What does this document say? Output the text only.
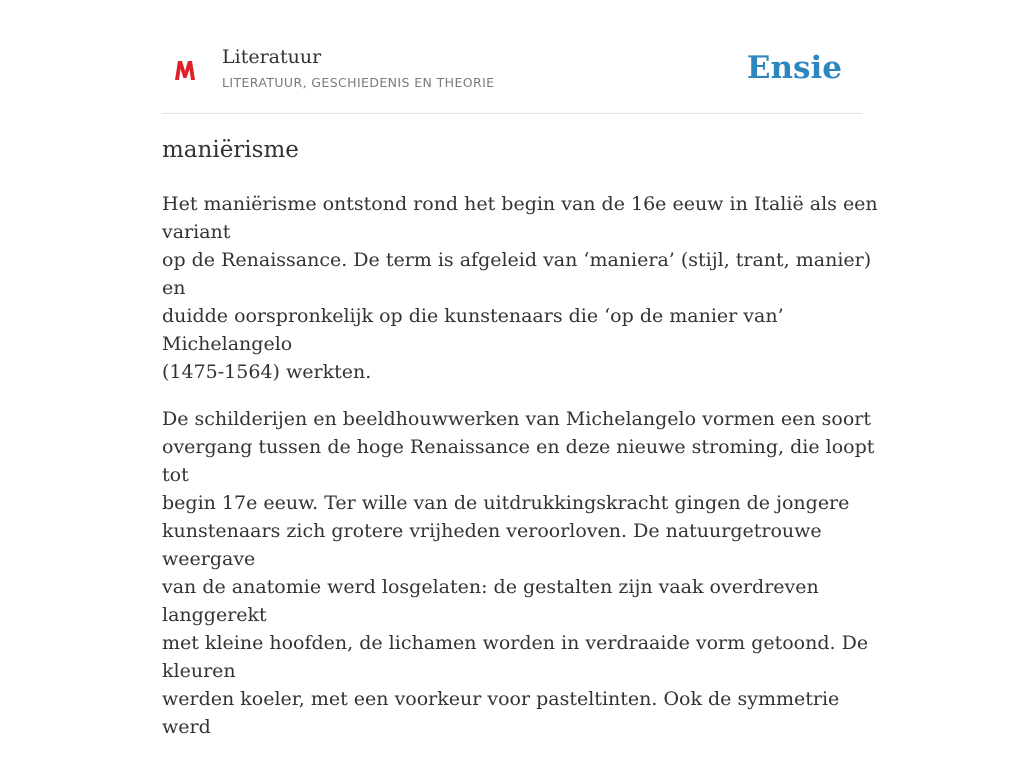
Literatuur
LITERATUUR, GESCHIEDENIS EN THEORIE	Ensie
maniërisme

Het maniërisme ontstond rond het begin van de 16e eeuw in Italië als een variant
op de Renaissance. De term is afgeleid van ‘maniera’ (stijl, trant, manier) en
duidde oorspronkelijk op die kunstenaars die ‘op de manier van’ Michelangelo
(1475-1564) werkten.

De schilderijen en beeldhouwwerken van Michelangelo vormen een soort
overgang tussen de hoge Renaissance en deze nieuwe stroming, die loopt tot
begin 17e eeuw. Ter wille van de uitdrukkingskracht gingen de jongere
kunstenaars zich grotere vrijheden veroorloven. De natuurgetrouwe weergave
van de anatomie werd losgelaten: de gestalten zijn vaak overdreven langgerekt
met kleine hoofden, de lichamen worden in verdraaide vorm getoond. De kleuren
werden koeler, met een voorkeur voor pasteltinten. Ook de symmetrie werd
